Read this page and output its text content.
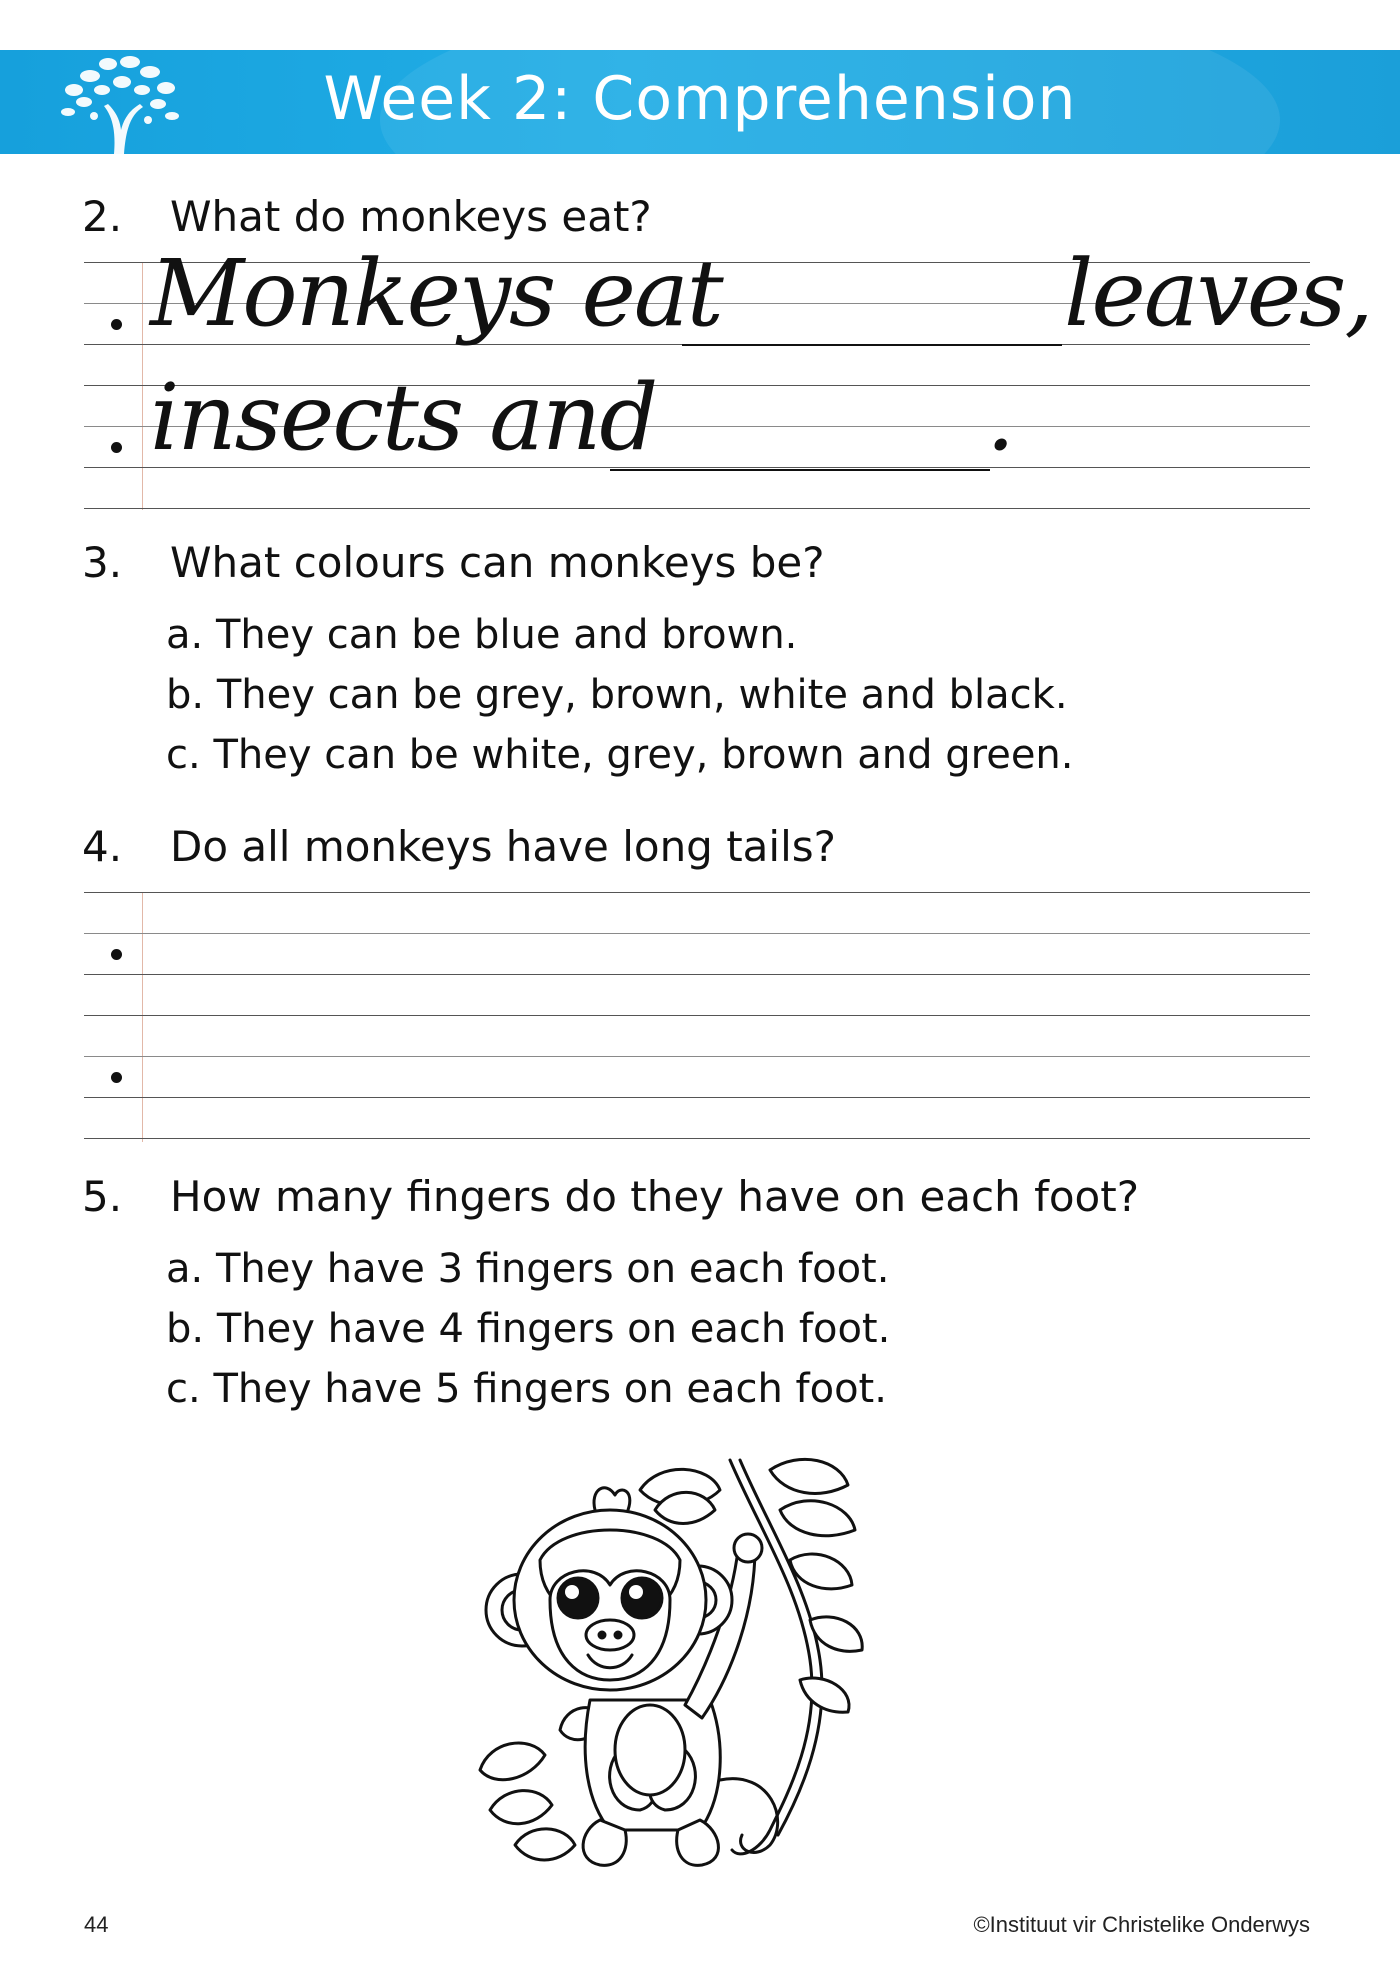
Week 2: Comprehension
2. What do monkeys eat?
Monkeys eat	leaves,
insects and	.
3. What colours can monkeys be?
a. They can be blue and brown.
b. They can be grey, brown, white and black.
c. They can be white, grey, brown and green.
4. Do all monkeys have long tails?
5. How many fingers do they have on each foot?
a. They have 3 fingers on each foot.
b. They have 4 fingers on each foot.
c. They have 5 fingers on each foot.
44	©Instituut vir Christelike Onderwys
